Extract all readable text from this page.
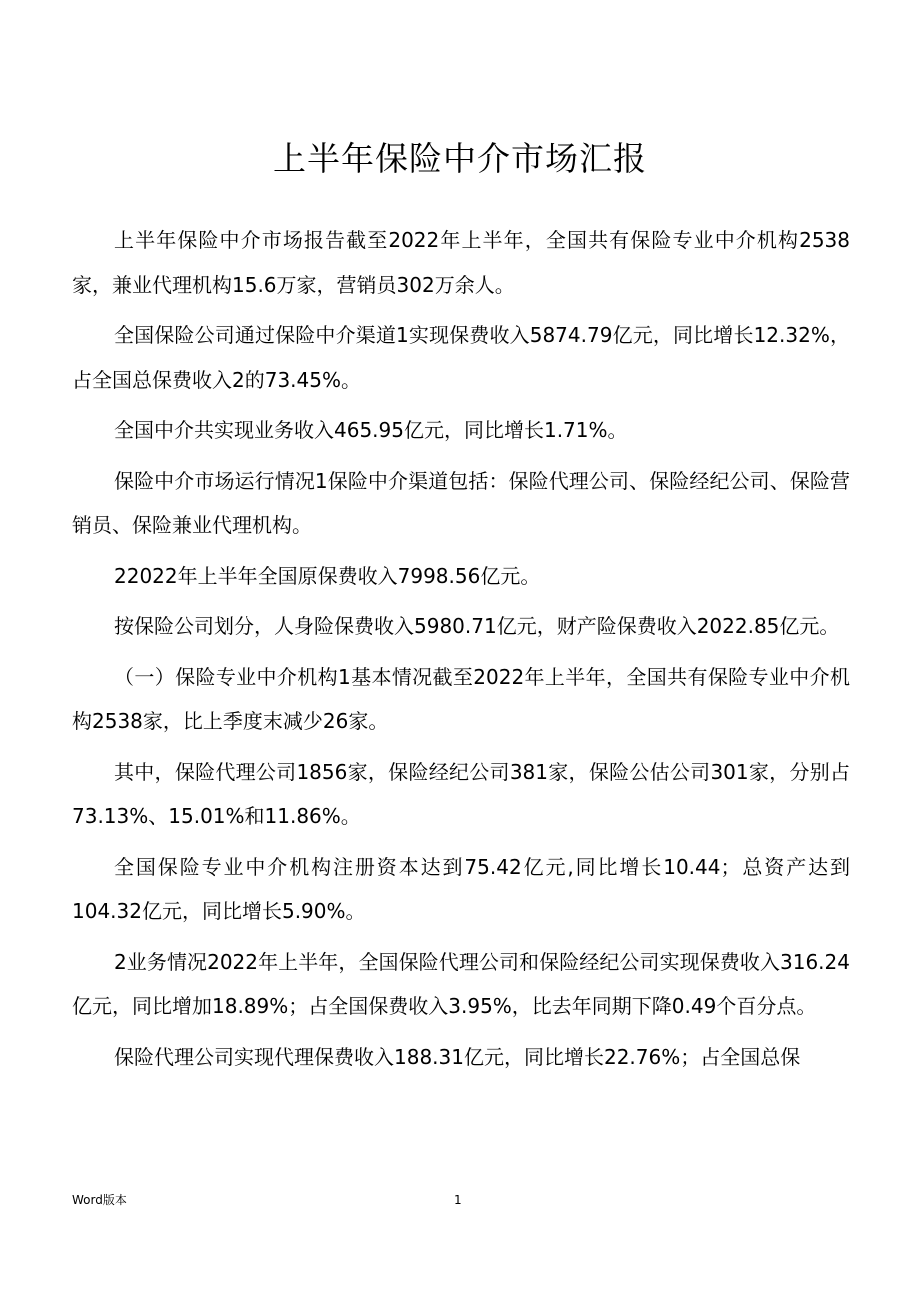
上半年保险中介市场汇报

上半年保险中介市场报告截至2022年上半年，全国共有保险专业中介机构2538家，兼业代理机构15.6万家，营销员302万余人。

全国保险公司通过保险中介渠道1实现保费收入5874.79亿元，同比增长12.32%，占全国总保费收入2的73.45%。

全国中介共实现业务收入465.95亿元，同比增长1.71%。

保险中介市场运行情况1保险中介渠道包括：保险代理公司、保险经纪公司、保险营销员、保险兼业代理机构。

22022年上半年全国原保费收入7998.56亿元。

按保险公司划分，人身险保费收入5980.71亿元，财产险保费收入2022.85亿元。

（一）保险专业中介机构1基本情况截至2022年上半年，全国共有保险专业中介机构2538家，比上季度末减少26家。

其中，保险代理公司1856家，保险经纪公司381家，保险公估公司301家，分别占73.13%、15.01%和11.86%。

全国保险专业中介机构注册资本达到75.42亿元,同比增长10.44；总资产达到104.32亿元，同比增长5.90%。

2业务情况2022年上半年，全国保险代理公司和保险经纪公司实现保费收入316.24亿元，同比增加18.89%；占全国保费收入3.95%，比去年同期下降0.49个百分点。

保险代理公司实现代理保费收入188.31亿元，同比增长22.76%；占全国总保

Word版本	1
